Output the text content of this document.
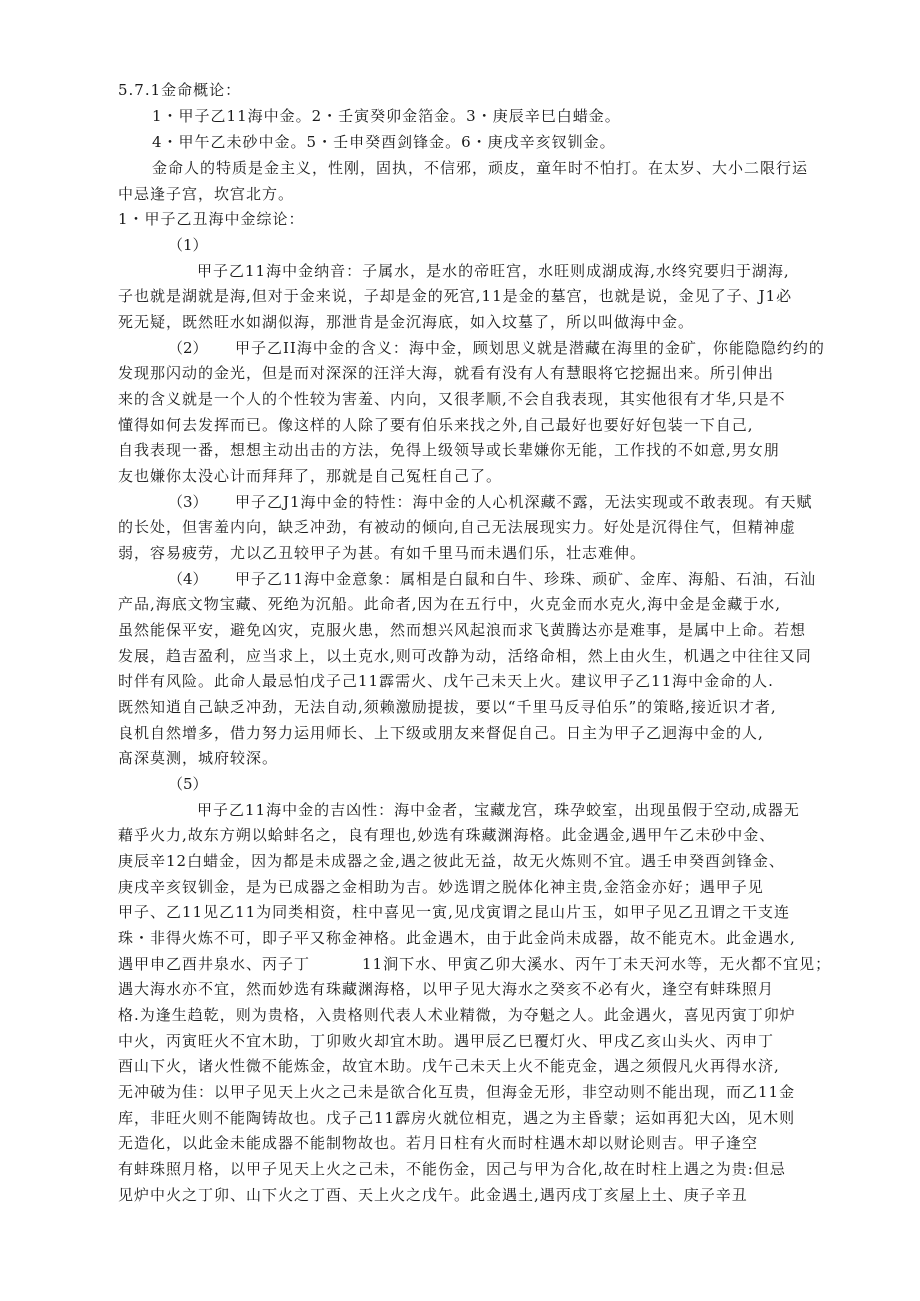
5.7.1金命概论：
1・甲子乙11海中金。2・壬寅癸卯金箔金。3・庚辰辛巳白蜡金。
4・甲午乙未砂中金。5・壬申癸酉剑锋金。6・庚戌辛亥钗钏金。
金命人的特质是金主义，性刚，固执，不信邪，顽皮，童年时不怕打。在太岁、大小二限行运
中忌逢子宫，坎宫北方。
1・甲子乙丑海中金综论：
（1）
甲子乙11海中金纳音：子属水，是水的帝旺宫，水旺则成湖成海,水终究要归于湖海,
子也就是湖就是海,但对于金来说，子却是金的死宫,11是金的墓宫，也就是说，金见了子、J1必
死无疑，既然旺水如湖似海，那泄肯是金沉海底，如入坟墓了，所以叫做海中金。
（2） 甲子乙II海中金的含义：海中金，顾划思义就是潜藏在海里的金矿，你能隐隐约约的
发现那闪动的金光，但是而对深深的汪洋大海，就看有没有人有慧眼将它挖掘出来。所引伸出
来的含义就是一个人的个性较为害羞、内向，又很孝顺,不会自我表现，其实他很有才华,只是不
懂得如何去发挥而已。像这样的人除了要有伯乐来找之外,自己最好也要好好包装一下自己,
自我表现一番，想想主动出击的方法，免得上级领导或长辈嫌你无能，工作找的不如意,男女朋
友也嫌你太没心计而拜拜了，那就是自己冤枉自己了。
（3） 甲子乙J1海中金的特性：海中金的人心机深藏不露，无法实现或不敢表现。有天赋
的长处，但害羞内向，缺乏冲劲，有被动的倾向,自己无法展现实力。好处是沉得住气，但精神虚
弱，容易疲劳，尤以乙丑较甲子为甚。有如千里马而未遇们乐，壮志难伸。
（4） 甲子乙11海中金意象：属相是白鼠和白牛、珍珠、顽矿、金库、海船、石油，石汕
产品,海底文物宝藏、死绝为沉船。此命者,因为在五行中，火克金而水克火,海中金是金藏于水,
虽然能保平安，避免凶灾，克服火患，然而想兴风起浪而求飞黄腾达亦是难事，是属中上命。若想
发展，趋吉盈利，应当求上，以土克水,则可改静为动，活络命相，然上由火生，机遇之中往往又同
时伴有风险。此命人最忌怕戊子己11霹需火、戊午己未天上火。建议甲子乙11海中金命的人.
既然知逍自己缺乏冲劲，无法自动,须赖激励提拔，要以“千里马反寻伯乐”的策略,接近识才者,
良机自然增多，借力努力运用师长、上下级或朋友来督促自己。日主为甲子乙迥海中金的人,
髙深莫测，城府较深。
（5）
甲子乙11海中金的吉凶性：海中金者，宝藏龙宫，珠孕蛟室，出现虽假于空动,成器无
藉乎火力,故东方朔以蛤蚌名之，良有理也,妙选有珠藏渊海格。此金遇金,遇甲午乙未砂中金、
庚辰辛12白蜡金，因为都是未成器之金,遇之彼此无益，故无火炼则不宜。遇壬申癸酉剑锋金、
庚戌辛亥钗钏金，是为已成器之金相助为吉。妙选谓之脱体化神主贵,金箔金亦好；遇甲子见
甲子、乙11见乙11为同类相资，柱中喜见一寅,见戊寅谓之昆山片玉，如甲子见乙丑谓之干支连
珠・非得火炼不可，即子平又称金神格。此金遇木，由于此金尚未成器，故不能克木。此金遇水,
遇甲申乙酉井泉水、丙子丁	11涧下水、甲寅乙卯大溪水、丙午丁未天河水等，无火都不宜见；
遇大海水亦不宜，然而妙选有珠藏渊海格，以甲子见大海水之癸亥不必有火，逢空有蚌珠照月
格.为逢生趋乾，则为贵格，入贵格则代表人术业精微，为夺魁之人。此金遇火，喜见丙寅丁卯炉
中火，丙寅旺火不宜木助，丁卯败火却宜木助。遇甲辰乙巳覆灯火、甲戌乙亥山头火、丙申丁
酉山下火，诸火性微不能炼金，故宜木助。戊午己未天上火不能克金，遇之须假凡火再得水济,
无冲破为佳：以甲子见天上火之己未是欲合化互贵，但海金无形，非空动则不能出现，而乙11金
库，非旺火则不能陶铸故也。戊子己11霹房火就位相克，遇之为主昏蒙；运如再犯大凶，见木则
无造化，以此金未能成器不能制物故也。若月日柱有火而时柱遇木却以财论则吉。甲子逢空
有蚌珠照月格，以甲子见天上火之己未，不能伤金，因己与甲为合化,故在时柱上遇之为贵:但忌
见炉中火之丁卯、山下火之丁酉、天上火之戊午。此金遇土,遇丙戌丁亥屋上土、庚子辛丑
